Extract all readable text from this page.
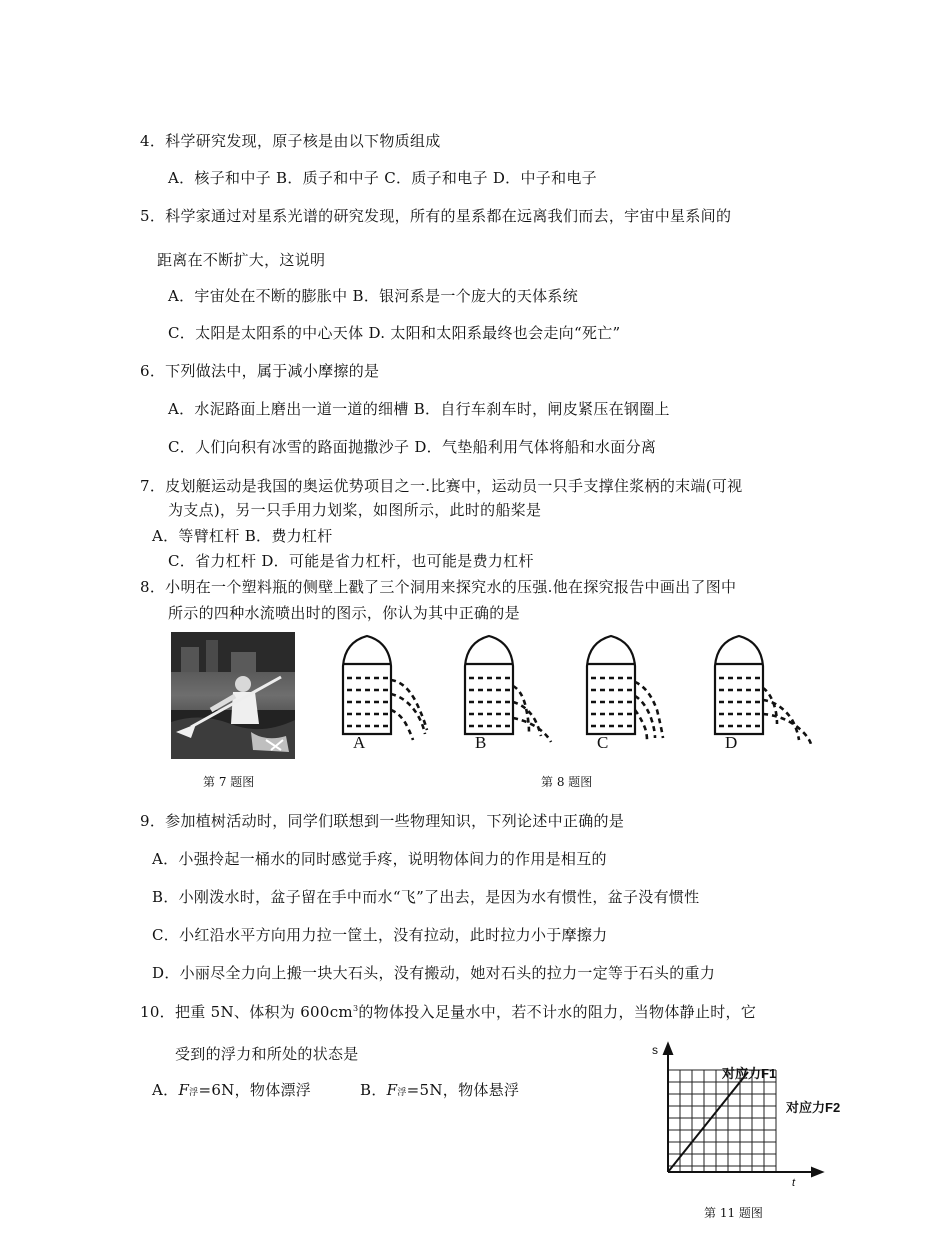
4．科学研究发现，原子核是由以下物质组成
A．核子和中子 B．质子和中子 C．质子和电子 D．中子和电子
5．科学家通过对星系光谱的研究发现，所有的星系都在远离我们而去，宇宙中星系间的
距离在不断扩大，这说明
A．宇宙处在不断的膨胀中 B．银河系是一个庞大的天体系统
C．太阳是太阳系的中心天体 D. 太阳和太阳系最终也会走向“死亡”
6．下列做法中，属于减小摩擦的是
A．水泥路面上磨出一道一道的细槽 B．自行车刹车时，闸皮紧压在钢圈上
C．人们向积有冰雪的路面抛撒沙子 D．气垫船利用气体将船和水面分离
7．皮划艇运动是我国的奥运优势项目之一.比赛中，运动员一只手支撑住浆柄的末端(可视
为支点)，另一只手用力划桨，如图所示，此时的船桨是
A．等臂杠杆 B．费力杠杆
C．省力杠杆 D．可能是省力杠杆，也可能是费力杠杆
8．小明在一个塑料瓶的侧壁上戳了三个洞用来探究水的压强.他在探究报告中画出了图中
所示的四种水流喷出时的图示，你认为其中正确的是
第 7 题图
A	B	C	D
第 8 题图
9．参加植树活动时，同学们联想到一些物理知识，下列论述中正确的是
A．小强拎起一桶水的同时感觉手疼，说明物体间力的作用是相互的
B．小刚泼水时，盆子留在手中而水“飞”了出去，是因为水有惯性，盆子没有惯性
C．小红沿水平方向用力拉一筐土，没有拉动，此时拉力小于摩擦力
D．小丽尽全力向上搬一块大石头，没有搬动，她对石头的拉力一定等于石头的重力
10．把重 5N、体积为 $600cm^3$的物体投入足量水中，若不计水的阻力，当物体静止时，它
受到的浮力和所处的状态是
A．F浮=6N，物体漂浮	B．F浮=5N，物体悬浮
s
t
对应力F1
对应力F2
第 11 题图
